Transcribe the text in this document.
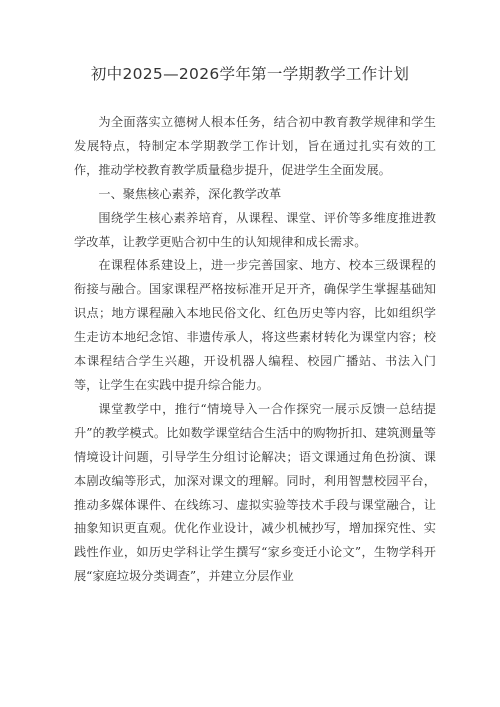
初中2025—2026学年第一学期教学工作计划

为全面落实立德树人根本任务，结合初中教育教学规律和学生发展特点，特制定本学期教学工作计划，旨在通过扎实有效的工作，推动学校教育教学质量稳步提升，促进学生全面发展。

一、聚焦核心素养，深化教学改革

围绕学生核心素养培育，从课程、课堂、评价等多维度推进教学改革，让教学更贴合初中生的认知规律和成长需求。

在课程体系建设上，进一步完善国家、地方、校本三级课程的衔接与融合。国家课程严格按标准开足开齐，确保学生掌握基础知识点；地方课程融入本地民俗文化、红色历史等内容，比如组织学生走访本地纪念馆、非遗传承人，将这些素材转化为课堂内容；校本课程结合学生兴趣，开设机器人编程、校园广播站、书法入门等，让学生在实践中提升综合能力。

课堂教学中，推行“情境导入一合作探究一展示反馈一总结提升”的教学模式。比如数学课堂结合生活中的购物折扣、建筑测量等情境设计问题，引导学生分组讨论解决；语文课通过角色扮演、课本剧改编等形式，加深对课文的理解。同时，利用智慧校园平台，推动多媒体课件、在线练习、虚拟实验等技术手段与课堂融合，让抽象知识更直观。优化作业设计，减少机械抄写，增加探究性、实践性作业，如历史学科让学生撰写“家乡变迁小论文”，生物学科开展“家庭垃圾分类调查”，并建立分层作业
